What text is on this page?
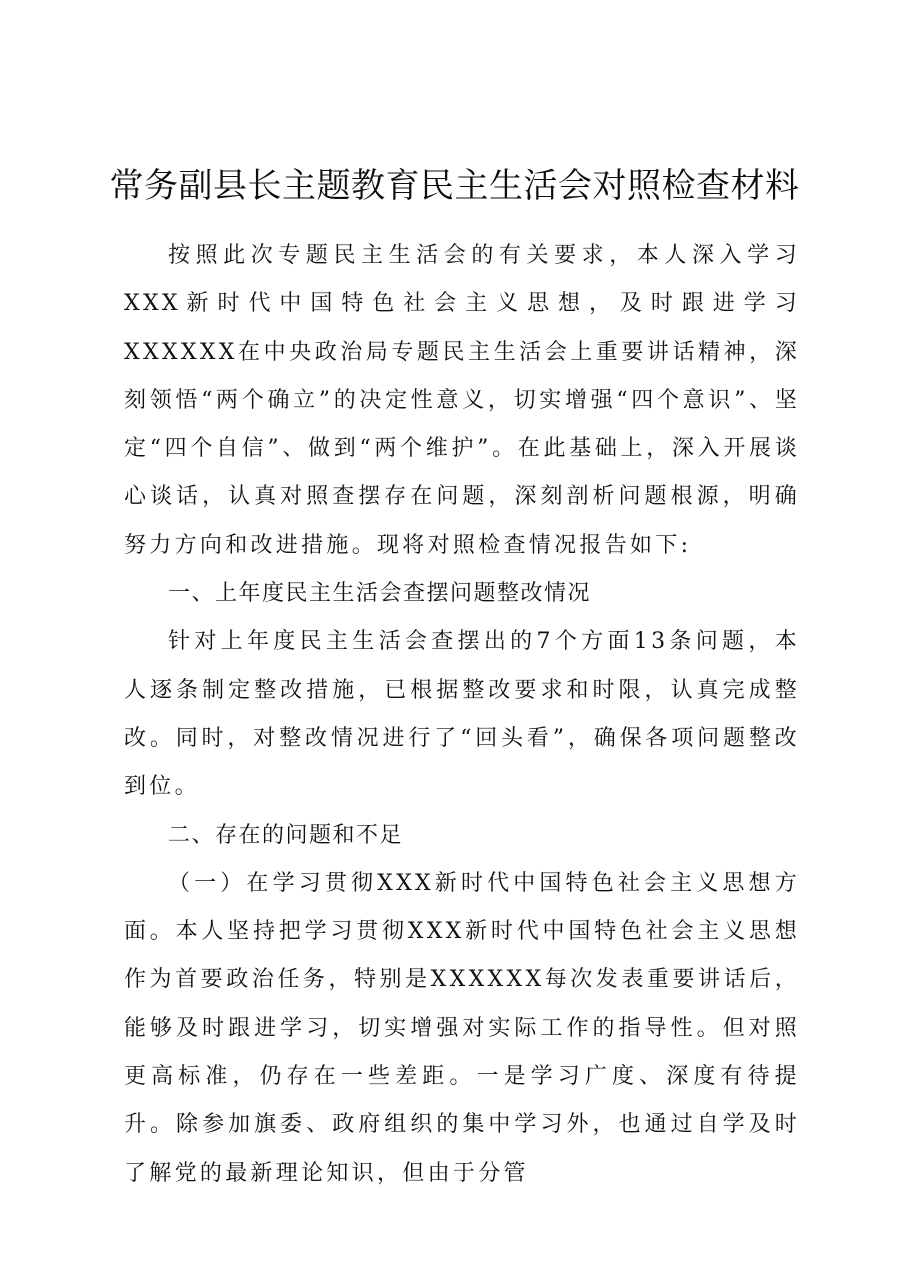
常务副县长主题教育民主生活会对照检查材料

按照此次专题民主生活会的有关要求，本人深入学习XXX新时代中国特色社会主义思想，及时跟进学习XXXXXX在中央政治局专题民主生活会上重要讲话精神，深刻领悟“两个确立”的决定性意义，切实增强“四个意识”、坚定“四个自信”、做到“两个维护”。在此基础上，深入开展谈心谈话，认真对照查摆存在问题，深刻剖析问题根源，明确努力方向和改进措施。现将对照检查情况报告如下:

一、上年度民主生活会查摆问题整改情况

针对上年度民主生活会查摆出的7个方面13条问题，本人逐条制定整改措施，已根据整改要求和时限，认真完成整改。同时，对整改情况进行了“回头看”，确保各项问题整改到位。

二、存在的问题和不足

（一）在学习贯彻XXX新时代中国特色社会主义思想方面。本人坚持把学习贯彻XXX新时代中国特色社会主义思想作为首要政治任务，特别是XXXXXX每次发表重要讲话后，能够及时跟进学习，切实增强对实际工作的指导性。但对照更高标准，仍存在一些差距。一是学习广度、深度有待提升。除参加旗委、政府组织的集中学习外，也通过自学及时了解党的最新理论知识，但由于分管
